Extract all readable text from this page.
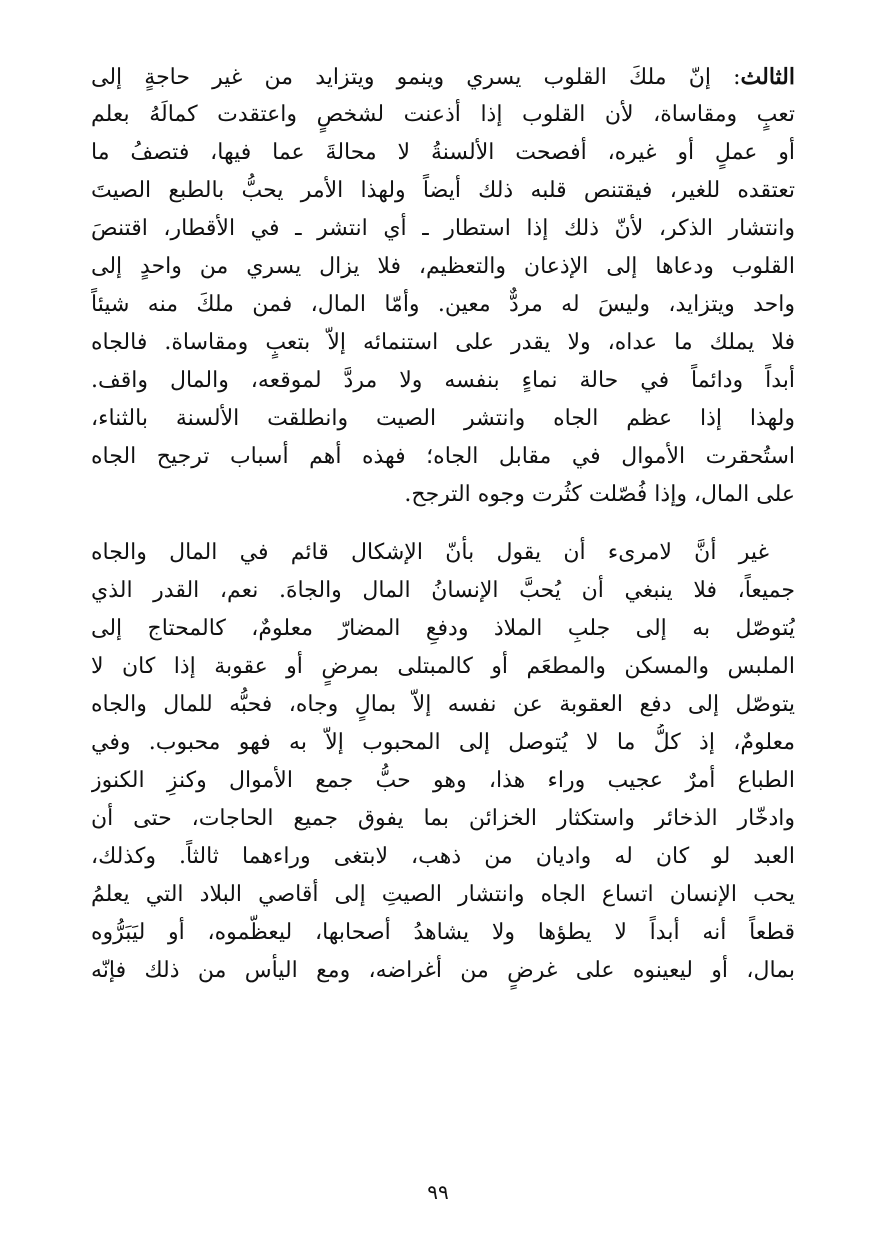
الثالث: إنّ ملكَ القلوب يسري وينمو ويتزايد من غير حاجةٍ إلى
تعبٍ ومقاساة، لأن القلوب إذا أذعنت لشخصٍ واعتقدت كمالَهُ بعلم
أو عملٍ أو غيره، أفصحت الألسنةُ لا محالةَ عما فيها، فتصفُ ما
تعتقده للغير، فيقتنص قلبه ذلك أيضاً ولهذا الأمر يحبُّ بالطبع الصيتَ
وانتشار الذكر، لأنّ ذلك إذا استطار ـ أي انتشر ـ في الأقطار، اقتنصَ
القلوب ودعاها إلى الإذعان والتعظيم، فلا يزال يسري من واحدٍ إلى
واحد ويتزايد، وليسَ له مردٌّ معين. وأمّا المال، فمن ملكَ منه شيئاً
فلا يملك ما عداه، ولا يقدر على استنمائه إلاّ بتعبٍ ومقاساة. فالجاه
أبداً ودائماً في حالة نماءٍ بنفسه ولا مردَّ لموقعه، والمال واقف.
ولهذا إذا عظم الجاه وانتشر الصيت وانطلقت الألسنة بالثناء،
استُحقرت الأموال في مقابل الجاه؛ فهذه أهم أسباب ترجيح الجاه
على المال، وإذا فُصّلت كثُرت وجوه الترجح.
غير أنَّ لامرىء أن يقول بأنّ الإشكال قائم في المال والجاه
جميعاً، فلا ينبغي أن يُحبَّ الإنسانُ المال والجاهَ. نعم، القدر الذي
يُتوصّل به إلى جلبِ الملاذ ودفعِ المضارّ معلومٌ، كالمحتاج إلى
الملبس والمسكن والمطعَم أو كالمبتلى بمرضٍ أو عقوبة إذا كان لا
يتوصّل إلى دفع العقوبة عن نفسه إلاّ بمالٍ وجاه، فحبُّه للمال والجاه
معلومٌ، إذ كلُّ ما لا يُتوصل إلى المحبوب إلاّ به فهو محبوب. وفي
الطباع أمرٌ عجيب وراء هذا، وهو حبُّ جمع الأموال وكنزِ الكنوز
وادخّار الذخائر واستكثار الخزائن بما يفوق جميع الحاجات، حتى أن
العبد لو كان له واديان من ذهب، لابتغى وراءهما ثالثاً. وكذلك،
يحب الإنسان اتساع الجاه وانتشار الصيتِ إلى أقاصي البلاد التي يعلمُ
قطعاً أنه أبداً لا يطؤها ولا يشاهدُ أصحابها، ليعظّموه، أو ليَبَرُّوه
بمال، أو ليعينوه على غرضٍ من أغراضه، ومع اليأس من ذلك فإنّه
٩٩
